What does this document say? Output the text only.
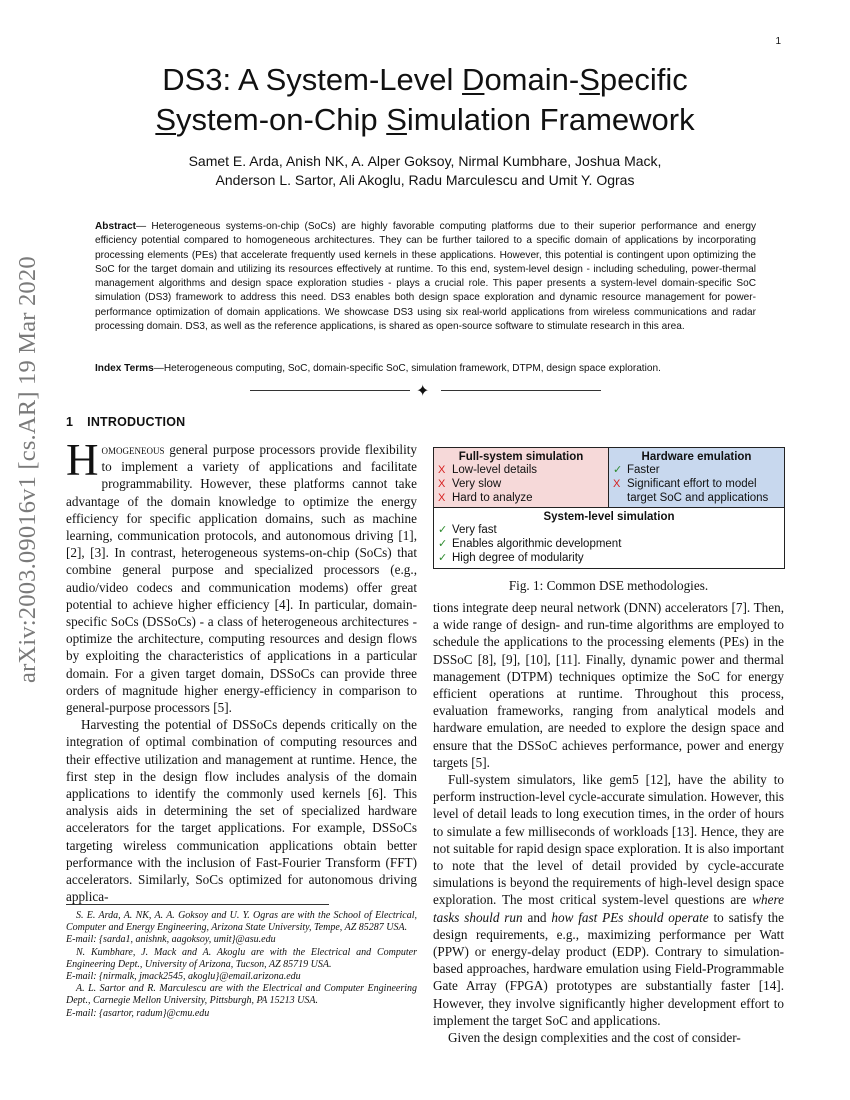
1
arXiv:2003.09016v1 [cs.AR] 19 Mar 2020
DS3: A System-Level Domain-Specific
System-on-Chip Simulation Framework
Samet E. Arda, Anish NK, A. Alper Goksoy, Nirmal Kumbhare, Joshua Mack,
Anderson L. Sartor, Ali Akoglu, Radu Marculescu and Umit Y. Ogras
Abstract— Heterogeneous systems-on-chip (SoCs) are highly favorable computing platforms due to their superior performance and energy efficiency potential compared to homogeneous architectures. They can be further tailored to a specific domain of applications by incorporating processing elements (PEs) that accelerate frequently used kernels in these applications. However, this potential is contingent upon optimizing the SoC for the target domain and utilizing its resources effectively at runtime. To this end, system-level design - including scheduling, power-thermal management algorithms and design space exploration studies - plays a crucial role. This paper presents a system-level domain-specific SoC simulation (DS3) framework to address this need. DS3 enables both design space exploration and dynamic resource management for power-performance optimization of domain applications. We showcase DS3 using six real-world applications from wireless communications and radar processing domain. DS3, as well as the reference applications, is shared as open-source software to stimulate research in this area.
Index Terms—Heterogeneous computing, SoC, domain-specific SoC, simulation framework, DTPM, design space exploration.
✦
1 INTRODUCTION

Homogeneous general purpose processors provide flexibility to implement a variety of applications and facilitate programmability. However, these platforms cannot take advantage of the domain knowledge to optimize the energy efficiency for specific application domains, such as machine learning, communication protocols, and autonomous driving [1], [2], [3]. In contrast, heterogeneous systems-on-chip (SoCs) that combine general purpose and specialized processors (e.g., audio/video codecs and communication modems) offer great potential to achieve higher efficiency [4]. In particular, domain-specific SoCs (DSSoCs) - a class of heterogeneous architectures - optimize the architecture, computing resources and design flows by exploiting the characteristics of applications in a particular domain. For a given target domain, DSSoCs can provide three orders of magnitude higher energy-efficiency in comparison to general-purpose processors [5].

Harvesting the potential of DSSoCs depends critically on the integration of optimal combination of computing resources and their effective utilization and management at runtime. Hence, the first step in the design flow includes analysis of the domain applications to identify the commonly used kernels [6]. This analysis aids in determining the set of specialized hardware accelerators for the target applications. For example, DSSoCs targeting wireless communication applications obtain better performance with the inclusion of Fast-Fourier Transform (FFT) accelerators. Similarly, SoCs optimized for autonomous driving applica-

S. E. Arda, A. NK, A. A. Goksoy and U. Y. Ogras are with the School of Electrical, Computer and Energy Engineering, Arizona State University, Tempe, AZ 85287 USA.

E-mail: {sarda1, anishnk, aagoksoy, umit}@asu.edu

N. Kumbhare, J. Mack and A. Akoglu are with the Electrical and Computer Engineering Dept., University of Arizona, Tucson, AZ 85719 USA.

E-mail: {nirmalk, jmack2545, akoglu}@email.arizona.edu

A. L. Sartor and R. Marculescu are with the Electrical and Computer Engineering Dept., Carnegie Mellon University, Pittsburgh, PA 15213 USA.

E-mail: {asartor, radum}@cmu.edu

Full-system simulation
X Low-level details
X Very slow
X Hard to analyze
Hardware emulation
✓ Faster
X Significant effort to model
target SoC and applications
System-level simulation
✓ Very fast
✓ Enables algorithmic development
✓ High degree of modularity
Fig. 1: Common DSE methodologies.

tions integrate deep neural network (DNN) accelerators [7]. Then, a wide range of design- and run-time algorithms are employed to schedule the applications to the processing elements (PEs) in the DSSoC [8], [9], [10], [11]. Finally, dynamic power and thermal management (DTPM) techniques optimize the SoC for energy efficient operations at runtime. Throughout this process, evaluation frameworks, ranging from analytical models and hardware emulation, are needed to explore the design space and ensure that the DSSoC achieves performance, power and energy targets [5].

Full-system simulators, like gem5 [12], have the ability to perform instruction-level cycle-accurate simulation. However, this level of detail leads to long execution times, in the order of hours to simulate a few milliseconds of workloads [13]. Hence, they are not suitable for rapid design space exploration. It is also important to note that the level of detail provided by cycle-accurate simulations is beyond the requirements of high-level design space exploration. The most critical system-level questions are where tasks should run and how fast PEs should operate to satisfy the design requirements, e.g., maximizing performance per Watt (PPW) or energy-delay product (EDP). Contrary to simulation-based approaches, hardware emulation using Field-Programmable Gate Array (FPGA) prototypes are substantially faster [14]. However, they involve significantly higher development effort to implement the target SoC and applications.

Given the design complexities and the cost of consider-
